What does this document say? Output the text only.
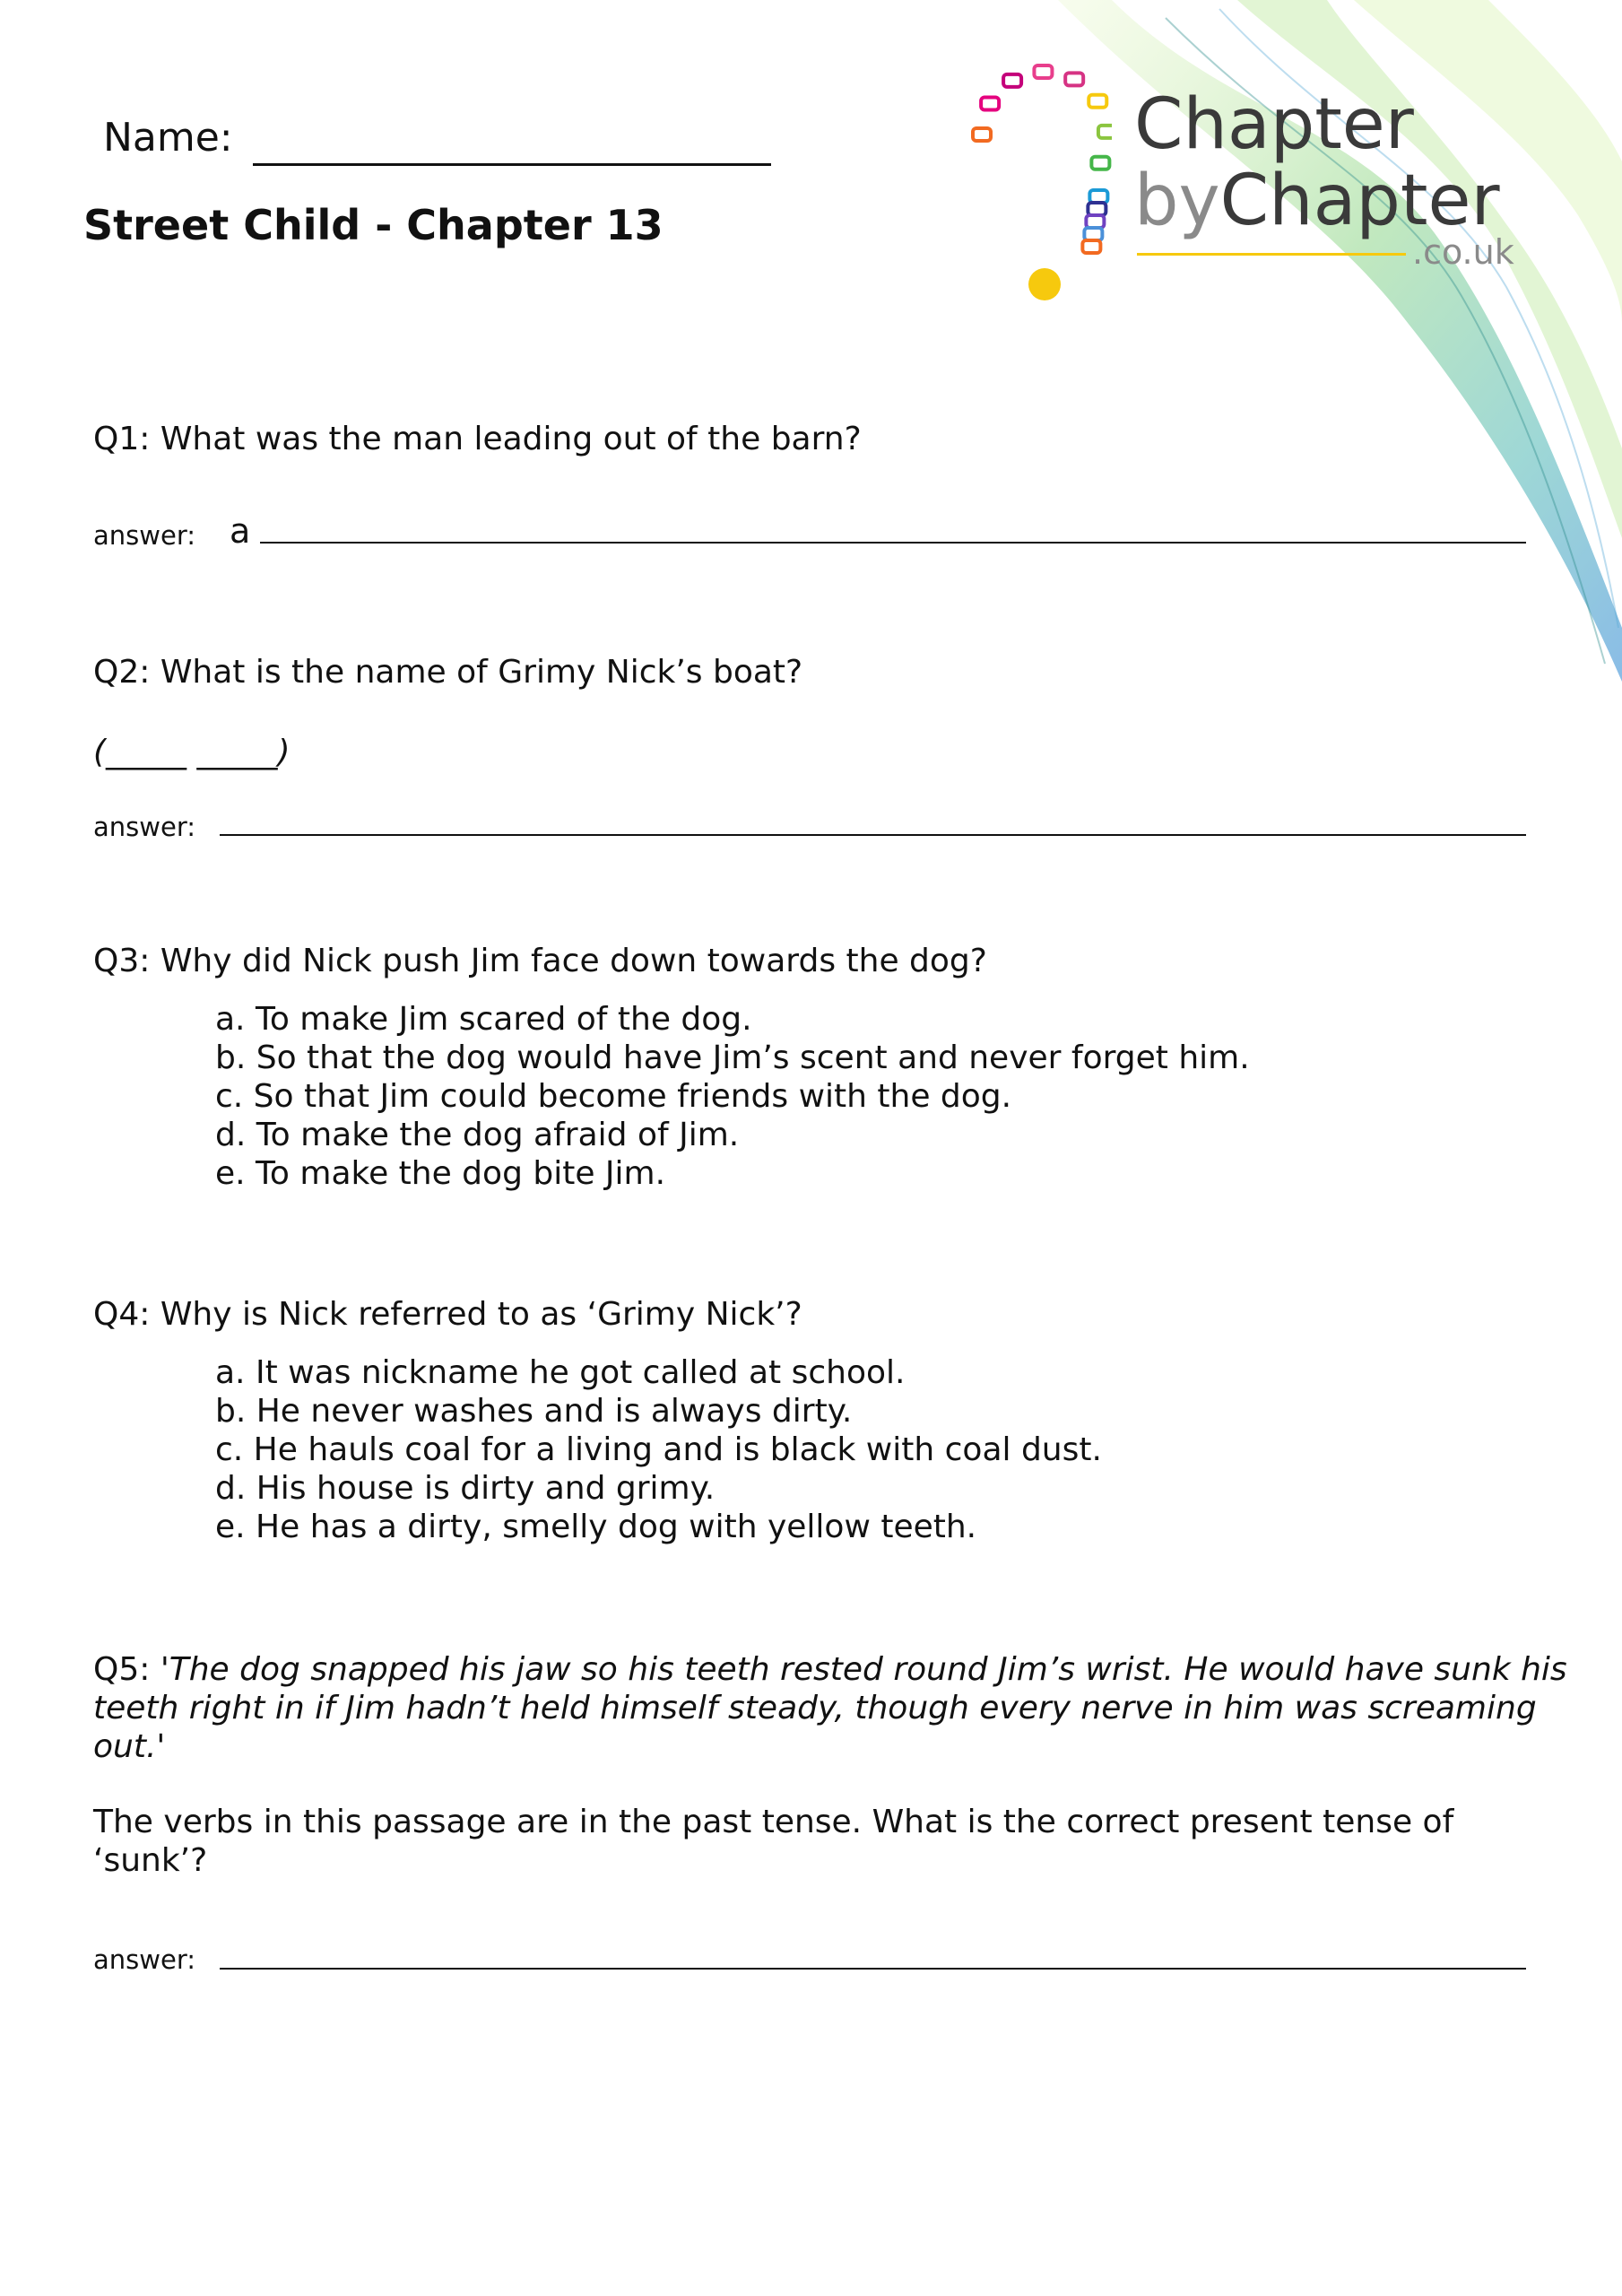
Name:
Street Child - Chapter 13
Chapter
byChapter
.co.uk
Q1: What was the man leading out of the barn?
answer: a
Q2: What is the name of Grimy Nick’s boat?
(_____ _____)
answer:
Q3: Why did Nick push Jim face down towards the dog?
a. To make Jim scared of the dog.
b. So that the dog would have Jim’s scent and never forget him.
c. So that Jim could become friends with the dog.
d. To make the dog afraid of Jim.
e. To make the dog bite Jim.
Q4: Why is Nick referred to as ‘Grimy Nick’?
a. It was nickname he got called at school.
b. He never washes and is always dirty.
c. He hauls coal for a living and is black with coal dust.
d. His house is dirty and grimy.
e. He has a dirty, smelly dog with yellow teeth.
Q5: 'The dog snapped his jaw so his teeth rested round Jim’s wrist. He would have sunk his teeth right in if Jim hadn’t held himself steady, though every nerve in him was screaming out.'
The verbs in this passage are in the past tense. What is the correct present tense of ‘sunk’?
answer:
